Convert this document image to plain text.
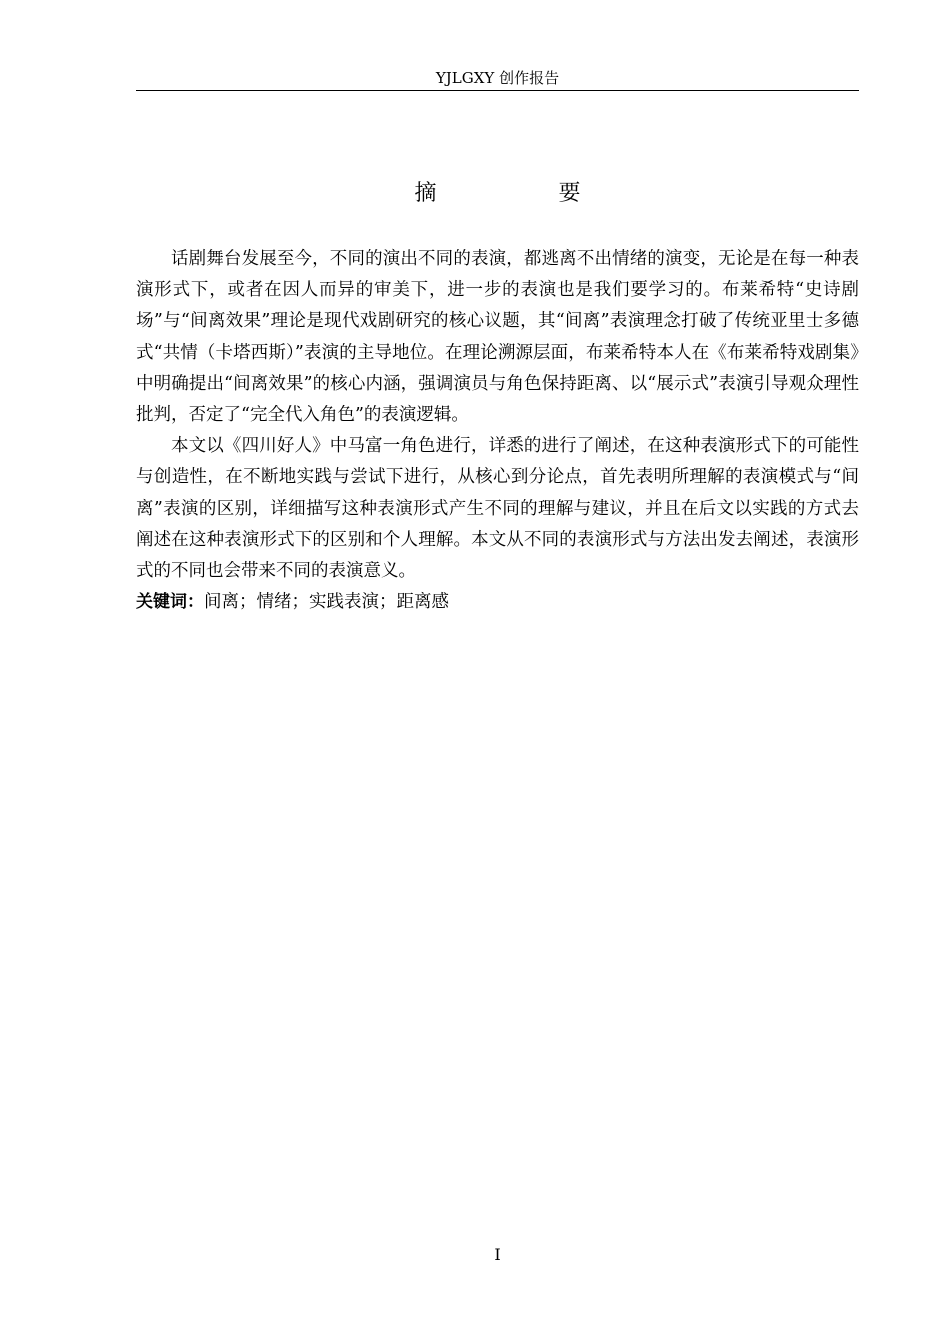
YJLGXY 创作报告
摘　要

话剧舞台发展至今，不同的演出不同的表演，都逃离不出情绪的演变，无论是在每一种表演形式下，或者在因人而异的审美下，进一步的表演也是我们要学习的。布莱希特“史诗剧场”与“间离效果”理论是现代戏剧研究的核心议题，其“间离”表演理念打破了传统亚里士多德式“共情（卡塔西斯）”表演的主导地位。在理论溯源层面，布莱希特本人在《布莱希特戏剧集》中明确提出“间离效果”的核心内涵，强调演员与角色保持距离、以“展示式”表演引导观众理性批判，否定了“完全代入角色”的表演逻辑。

本文以《四川好人》中马富一角色进行，详悉的进行了阐述，在这种表演形式下的可能性与创造性，在不断地实践与尝试下进行，从核心到分论点，首先表明所理解的表演模式与“间离”表演的区别，详细描写这种表演形式产生不同的理解与建议，并且在后文以实践的方式去阐述在这种表演形式下的区别和个人理解。本文从不同的表演形式与方法出发去阐述，表演形式的不同也会带来不同的表演意义。

关键词：间离；情绪；实践表演；距离感

I
